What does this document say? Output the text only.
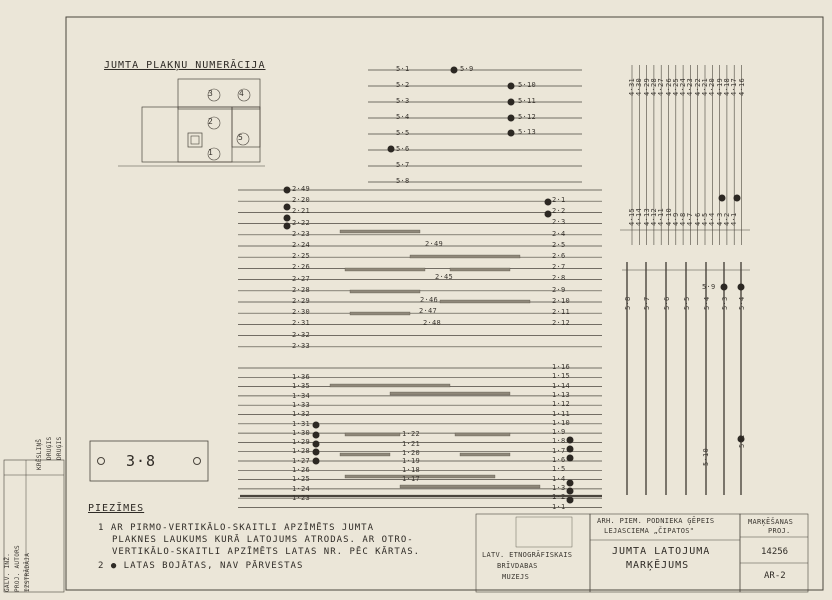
JUMTA PLAKŅU NUMERĀCIJA
3	4
2
5
1
3·8
PIEZĪMES
1 AR PIRMO-VERTIKĀLO-SKAITLI APZĪMĒTS JUMTA
PLAKNES LAUKUMS KURĀ LATOJUMS ATRODAS. AR OTRO-
VERTIKĀLO-SKAITLI APZĪMĒTS LATAS NR. PĒC KĀRTAS.
2 ● LATAS BOJĀTAS, NAV PĀRVESTAS
GALV. INŽ. PROJ. AUTORS IZSTRĀDĀJA
KRĒSLIŅŠ DRUĢIS DRUĢIS
LATV. ETNOGRĀFISKAIS
BRĪVDABAS
MUZEJS
ARH. PIEM. PODNIEKA ĢĒPEIS
LEJASCIEMA „ČIPATOS"
JUMTA LATOJUMA
MARĶĒJUMS
MARĶĒŠANAS
PROJ.
14256
AR-2
5·1
5·2
5·3
5·4
5·5
5·6
5·7
5·8
5·9
5·10
5·11
5·12
5·13
4·31 4·30 4·29 4·28 4·27 4·26 4·25 4·24 4·23 4·22 4·21 4·20 4·19 4·18 4·17 4·16
4·15 4·14 4·13 4·12 4·11 4·10 4·9 4·8 4·7 4·6 4·5 4·4 4·3 4·2 4·1
2·49
2·20
2·21
2·22
2·23
2·24
2·25
2·26
2·27
2·28
2·29
2·30
2·31
2·32
2·33
2·1
2·2
2·3
2·4
2·5
2·6
2·7
2·8
2·9
2·10
2·11
2·12
2·49
2·45
2·46
2·47
2·48
1·36
1·35
1·34
1·33
1·32
1·31
1·30
1·29
1·28
1·27
1·26
1·25
1·24
1·23
1·16
1·15
1·14
1·13
1·12
1·11
1·10
1·9
1·8
1·7
1·6
1·5
1·4
1·3
1·2
1·1
1·22
1·21
1·20
1·19
1·18
1·17
5·8 5·7 5·6 5·5 5·4 5·3 5·4
5·10
5·2
5·9
